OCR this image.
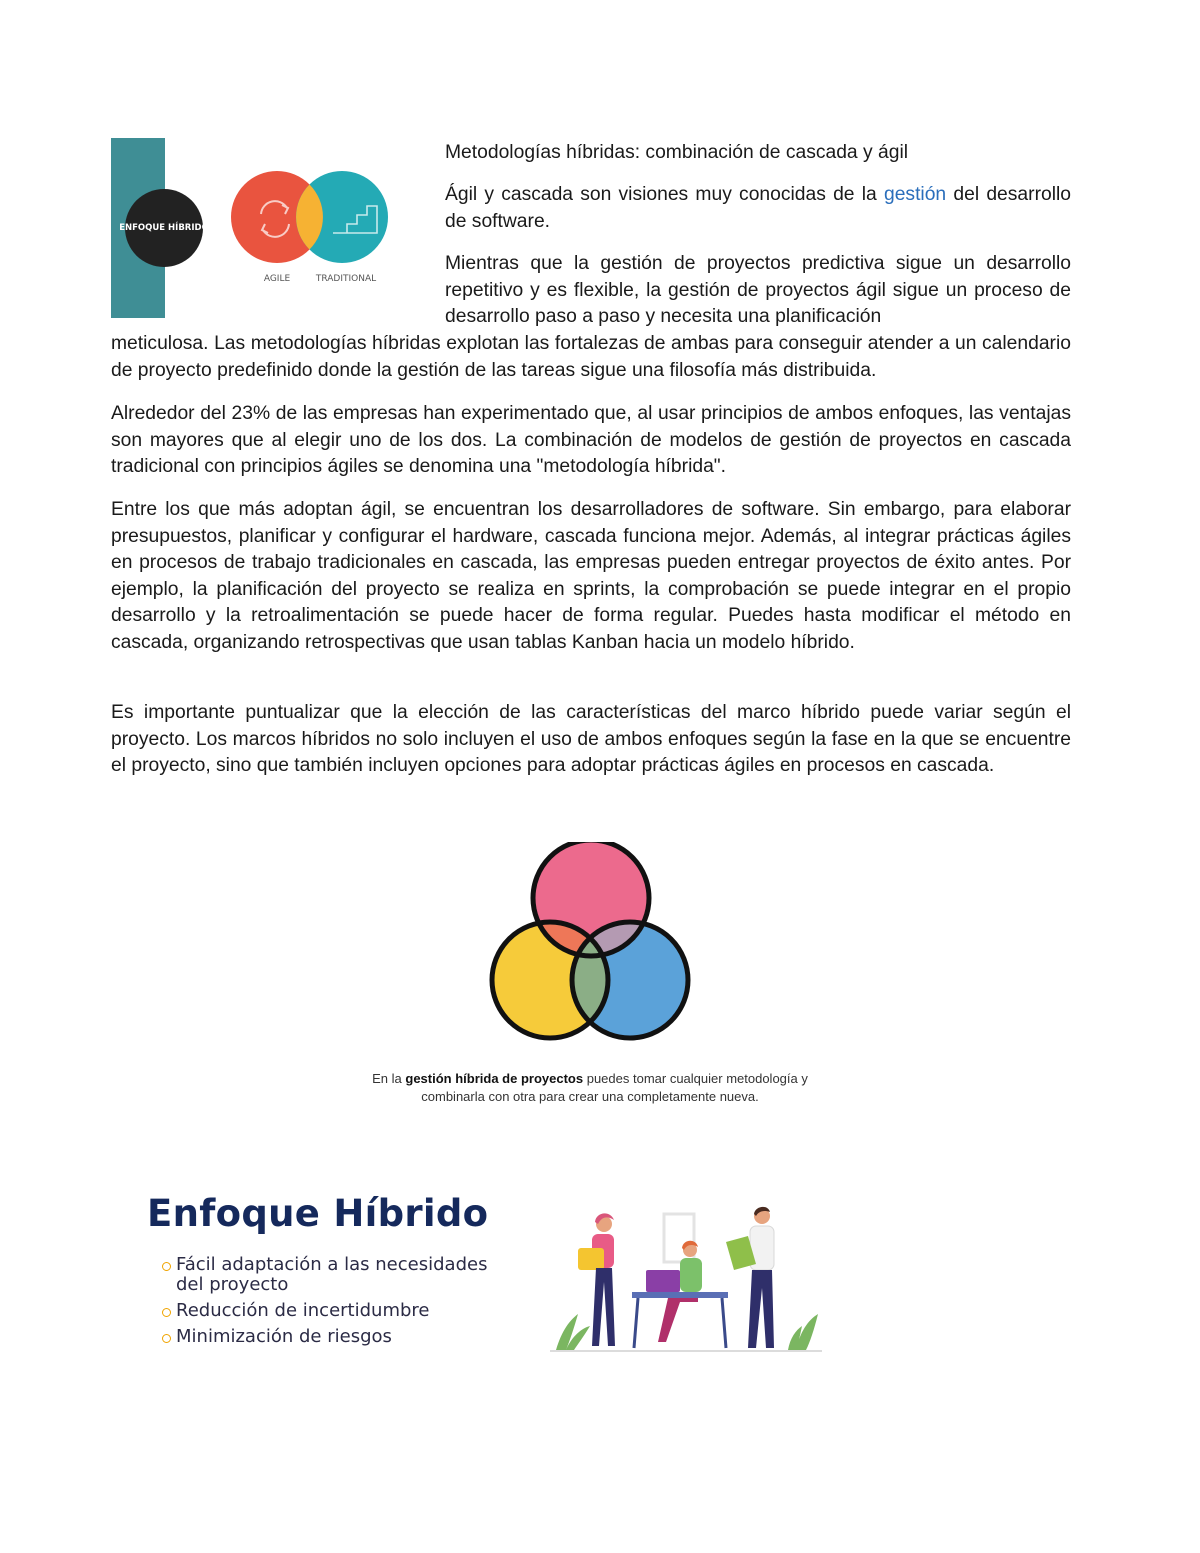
ENFOQUE HÍBRIDO
AGILE	TRADITIONAL

Metodologías híbridas: combinación de cascada y ágil

Ágil y cascada son visiones muy conocidas de la gestión del desarrollo de software.

Mientras que la gestión de proyectos predictiva sigue un desarrollo repetitivo y es flexible, la gestión de proyectos ágil sigue un proceso de desarrollo paso a paso y necesita una planificación

meticulosa. Las metodologías híbridas explotan las fortalezas de ambas para conseguir atender a un calendario de proyecto predefinido donde la gestión de las tareas sigue una filosofía más distribuida.

Alrededor del 23% de las empresas han experimentado que, al usar principios de ambos enfoques, las ventajas son mayores que al elegir uno de los dos. La combinación de modelos de gestión de proyectos en cascada tradicional con principios ágiles se denomina una "metodología híbrida".

Entre los que más adoptan ágil, se encuentran los desarrolladores de software. Sin embargo, para elaborar presupuestos, planificar y configurar el hardware, cascada funciona mejor. Además, al integrar prácticas ágiles en procesos de trabajo tradicionales en cascada, las empresas pueden entregar proyectos de éxito antes. Por ejemplo, la planificación del proyecto se realiza en sprints, la comprobación se puede integrar en el propio desarrollo y la retroalimentación se puede hacer de forma regular. Puedes hasta modificar el método en cascada, organizando retrospectivas que usan tablas Kanban hacia un modelo híbrido.

Es importante puntualizar que la elección de las características del marco híbrido puede variar según el proyecto. Los marcos híbridos no solo incluyen el uso de ambos enfoques según la fase en la que se encuentre el proyecto, sino que también incluyen opciones para adoptar prácticas ágiles en procesos en cascada.

En la gestión híbrida de proyectos puedes tomar cualquier metodología y combinarla con otra para crear una completamente nueva.

Enfoque Híbrido
Fácil adaptación a las necesidades del proyecto
Reducción de incertidumbre
Minimización de riesgos
